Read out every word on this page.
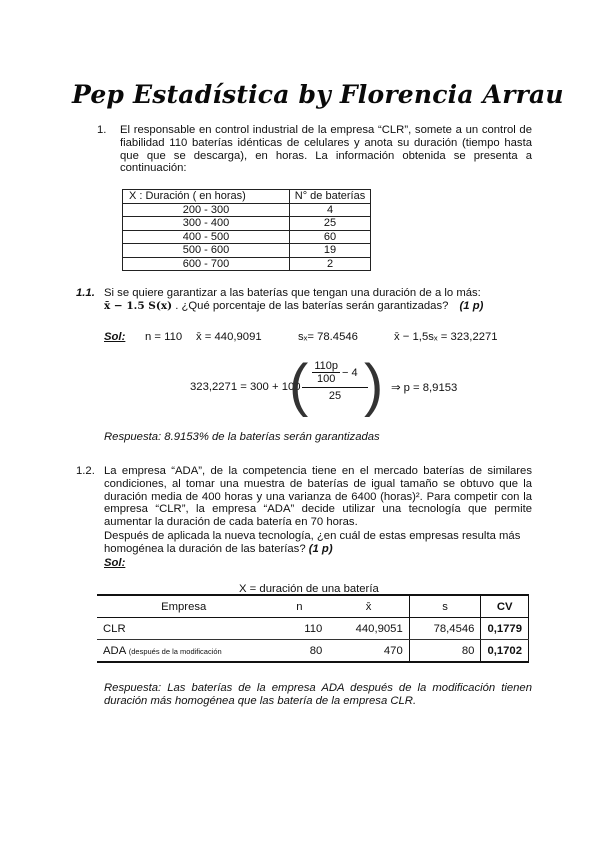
Pep Estadística by Florencia Arrau
1. El responsable en control industrial de la empresa “CLR”, somete a un control de fiabilidad 110 baterías idénticas de celulares y anota su duración (tiempo hasta que que se descarga), en horas. La información obtenida se presenta a continuación:
X : Duración ( en horas)	N° de baterías
200 - 300	4
300 - 400	25
400 - 500	60
500 - 600	19
600 - 700	2
1.1. Si se quiere garantizar a las baterías que tengan una duración de a lo más:
x̄ − 1.5 S(x) . ¿Qué porcentaje de las baterías serán garantizadas? (1 p)
Sol: n = 110 x̄ = 440,9091	sₓ= 78.4546	x̄ − 1,5sₓ = 323,2271
323,2271 = 300 + 100
( $\frac{110p}{100} - 4$
25 ) ⇒ p = 8,9153
Respuesta: 8.9153% de la baterías serán garantizadas
1.2. La empresa “ADA”, de la competencia tiene en el mercado baterías de similares condiciones, al tomar una muestra de baterías de igual tamaño se obtuvo que la duración media de 400 horas y una varianza de 6400 (horas)². Para competir con la empresa “CLR”, la empresa “ADA” decide utilizar una tecnología que permite aumentar la duración de cada batería en 70 horas.
Después de aplicada la nueva tecnología, ¿en cuál de estas empresas resulta más homogénea la duración de las baterías? (1 p)
Sol:
X = duración de una batería
Empresa	n	x̄	s	CV
CLR	110	440,9051	78,4546	0,1779
ADA (después de la modificación	80	470	80	0,1702
Respuesta: Las baterías de la empresa ADA después de la modificación tienen duración más homogénea que las batería de la empresa CLR.
